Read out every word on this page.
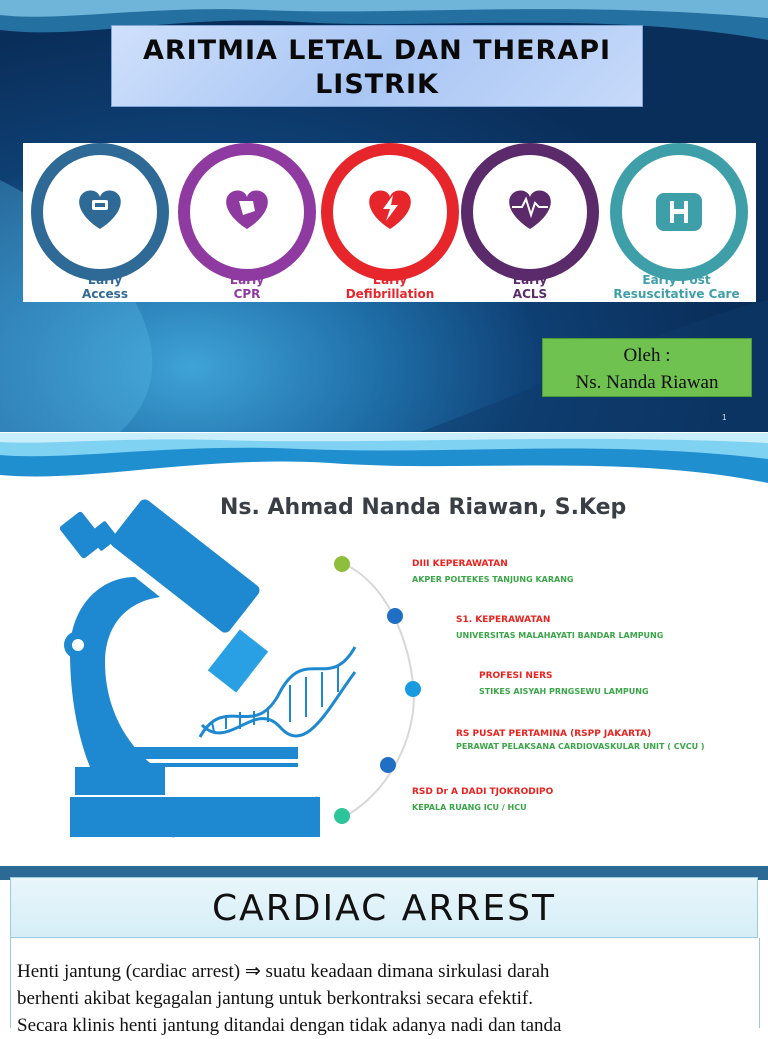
ARITMIA LETAL DAN THERAPI
LISTRIK
Early
Access
Early
CPR
Early
Defibrillation
Early
ACLS
Early Post
Resuscitative Care
Oleh :
Ns. Nanda Riawan
1
Ns. Ahmad Nanda Riawan, S.Kep
DIII KEPERAWATAN
AKPER POLTEKES TANJUNG KARANG
S1. KEPERAWATAN
UNIVERSITAS MALAHAYATI BANDAR LAMPUNG
PROFESI NERS
STIKES AISYAH PRNGSEWU LAMPUNG
RS PUSAT PERTAMINA (RSPP JAKARTA)
PERAWAT PELAKSANA CARDIOVASKULAR UNIT ( CVCU )
RSD Dr A DADI TJOKRODIPO
KEPALA RUANG ICU / HCU
CARDIAC ARREST
Henti jantung (cardiac arrest) ⇒ suatu keadaan dimana sirkulasi darah
berhenti akibat kegagalan jantung untuk berkontraksi secara efektif.
Secara klinis henti jantung ditandai dengan tidak adanya nadi dan tanda
